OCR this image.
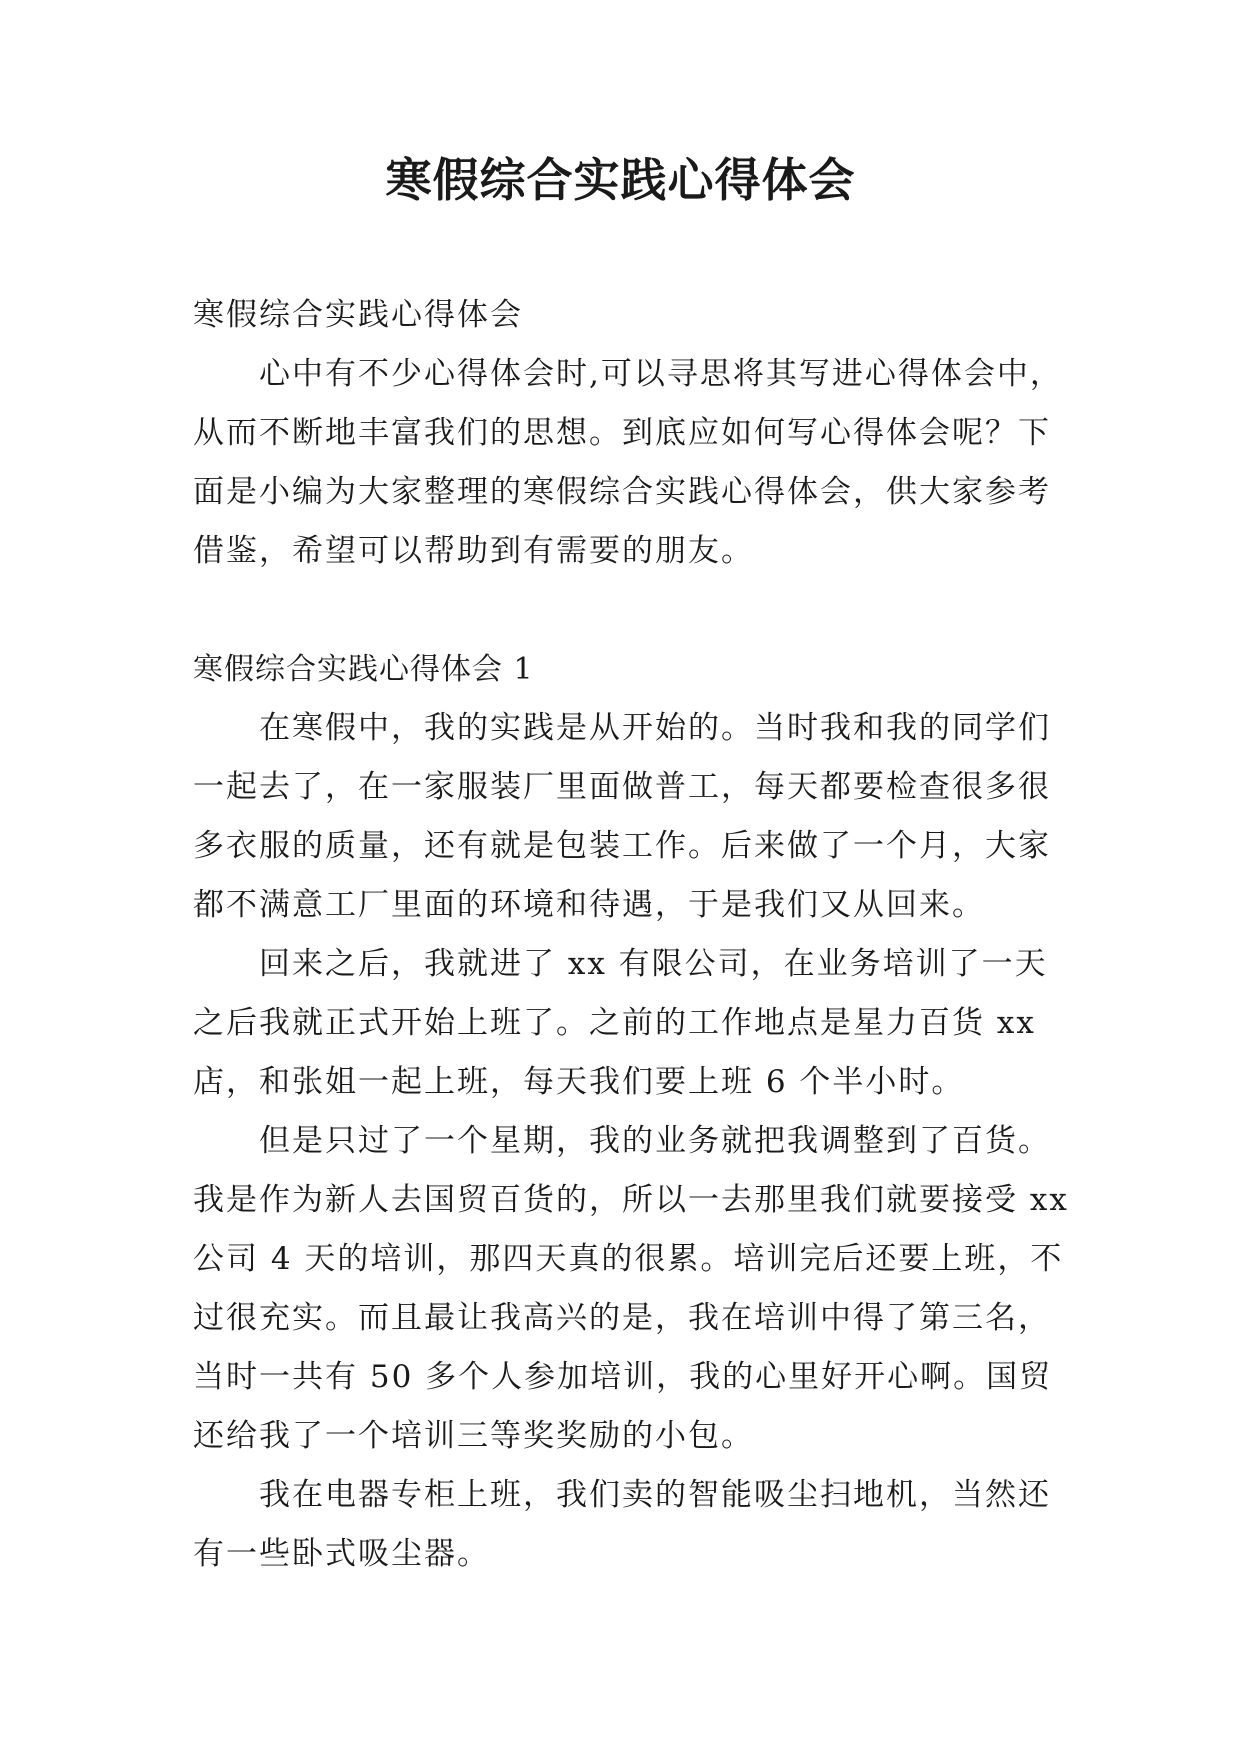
寒假综合实践心得体会
寒假综合实践心得体会
心中有不少心得体会时,可以寻思将其写进心得体会中，
从而不断地丰富我们的思想。到底应如何写心得体会呢？下
面是小编为大家整理的寒假综合实践心得体会，供大家参考
借鉴，希望可以帮助到有需要的朋友。
寒假综合实践心得体会 1
在寒假中，我的实践是从开始的。当时我和我的同学们
一起去了，在一家服装厂里面做普工，每天都要检查很多很
多衣服的质量，还有就是包装工作。后来做了一个月，大家
都不满意工厂里面的环境和待遇，于是我们又从回来。
回来之后，我就进了 xx 有限公司，在业务培训了一天
之后我就正式开始上班了。之前的工作地点是星力百货 xx
店，和张姐一起上班，每天我们要上班 6 个半小时。
但是只过了一个星期，我的业务就把我调整到了百货。
我是作为新人去国贸百货的，所以一去那里我们就要接受 xx
公司 4 天的培训，那四天真的很累。培训完后还要上班，不
过很充实。而且最让我高兴的是，我在培训中得了第三名，
当时一共有 50 多个人参加培训，我的心里好开心啊。国贸
还给我了一个培训三等奖奖励的小包。
我在电器专柜上班，我们卖的智能吸尘扫地机，当然还
有一些卧式吸尘器。
